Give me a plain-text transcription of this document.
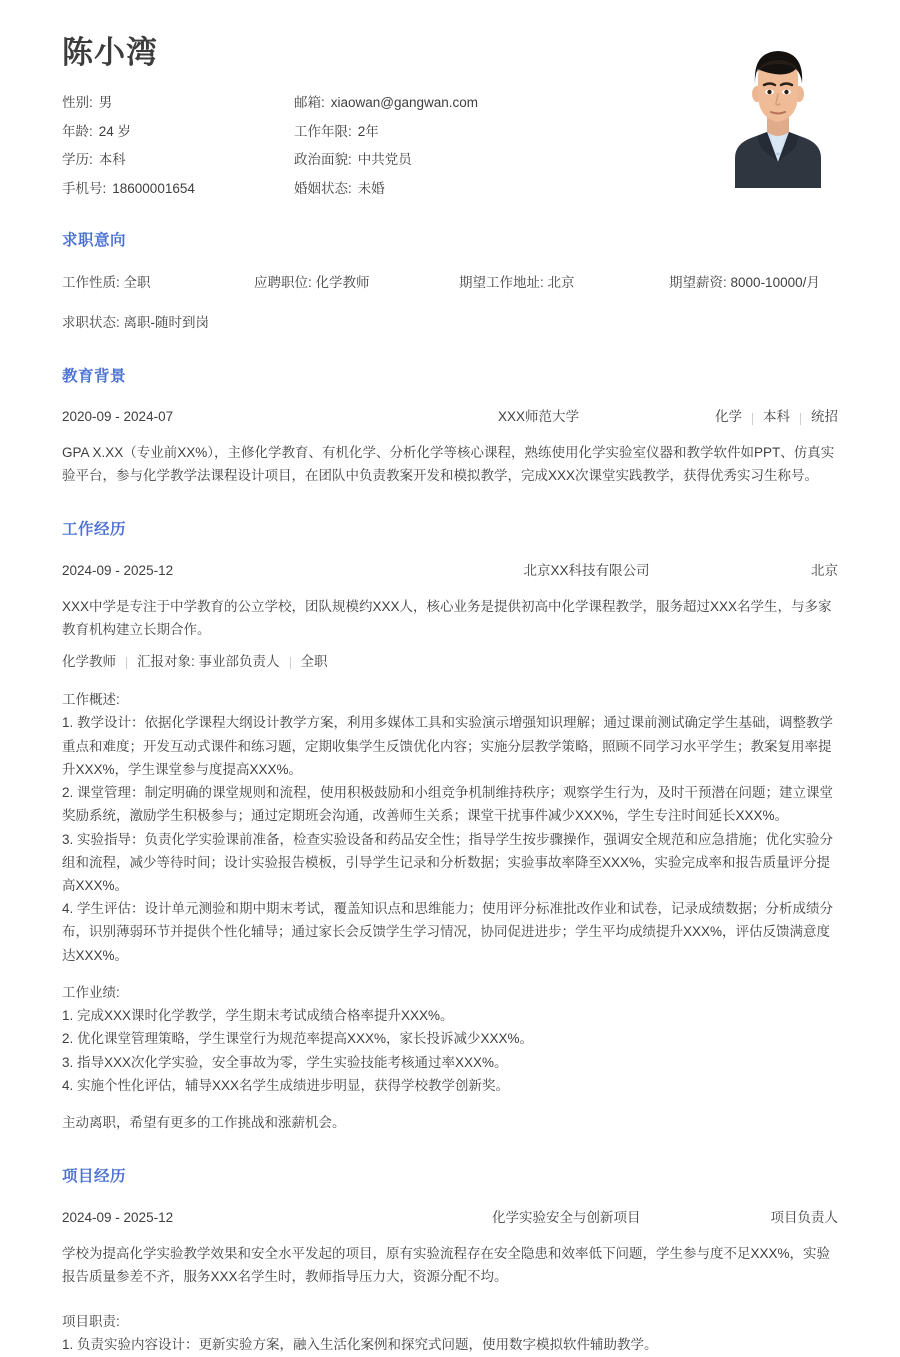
陈小湾
性别: 男	邮箱: xiaowan@gangwan.com
年龄: 24 岁	工作年限: 2年
学历: 本科	政治面貌: 中共党员
手机号: 18600001654	婚姻状态: 未婚
求职意向
工作性质: 全职	应聘职位: 化学教师	期望工作地址: 北京	期望薪资: 8000-10000/月
求职状态: 离职-随时到岗
教育背景
2020-09 - 2024-07	XXX师范大学	化学 本科 统招

GPA X.XX（专业前XX%），主修化学教育、有机化学、分析化学等核心课程，熟练使用化学实验室仪器和教学软件如PPT、仿真实验平台，参与化学教学法课程设计项目，在团队中负责教案开发和模拟教学，完成XXX次课堂实践教学，获得优秀实习生称号。

工作经历
2024-09 - 2025-12	北京XX科技有限公司	北京

XXX中学是专注于中学教育的公立学校，团队规模约XXX人，核心业务是提供初高中化学课程教学，服务超过XXX名学生，与多家教育机构建立长期合作。

化学教师 汇报对象: 事业部负责人 全职
工作概述:
1. 教学设计：依据化学课程大纲设计教学方案，利用多媒体工具和实验演示增强知识理解；通过课前测试确定学生基础，调整教学重点和难度；开发互动式课件和练习题，定期收集学生反馈优化内容；实施分层教学策略，照顾不同学习水平学生；教案复用率提升XXX%，学生课堂参与度提高XXX%。
2. 课堂管理：制定明确的课堂规则和流程，使用积极鼓励和小组竞争机制维持秩序；观察学生行为，及时干预潜在问题；建立课堂奖励系统，激励学生积极参与；通过定期班会沟通，改善师生关系；课堂干扰事件减少XXX%，学生专注时间延长XXX%。
3. 实验指导：负责化学实验课前准备，检查实验设备和药品安全性；指导学生按步骤操作，强调安全规范和应急措施；优化实验分组和流程，减少等待时间；设计实验报告模板，引导学生记录和分析数据；实验事故率降至XXX%，实验完成率和报告质量评分提高XXX%。
4. 学生评估：设计单元测验和期中期末考试，覆盖知识点和思维能力；使用评分标准批改作业和试卷，记录成绩数据；分析成绩分布，识别薄弱环节并提供个性化辅导；通过家长会反馈学生学习情况，协同促进进步；学生平均成绩提升XXX%，评估反馈满意度达XXX%。
工作业绩:
1. 完成XXX课时化学教学，学生期末考试成绩合格率提升XXX%。
2. 优化课堂管理策略，学生课堂行为规范率提高XXX%，家长投诉减少XXX%。
3. 指导XXX次化学实验，安全事故为零，学生实验技能考核通过率XXX%。
4. 实施个性化评估，辅导XXX名学生成绩进步明显，获得学校教学创新奖。
主动离职，希望有更多的工作挑战和涨薪机会。
项目经历
2024-09 - 2025-12	化学实验安全与创新项目	项目负责人

学校为提高化学实验教学效果和安全水平发起的项目，原有实验流程存在安全隐患和效率低下问题，学生参与度不足XXX%，实验报告质量参差不齐，服务XXX名学生时，教师指导压力大，资源分配不均。

项目职责:
1. 负责实验内容设计：更新实验方案，融入生活化案例和探究式问题，使用数字模拟软件辅助教学。
